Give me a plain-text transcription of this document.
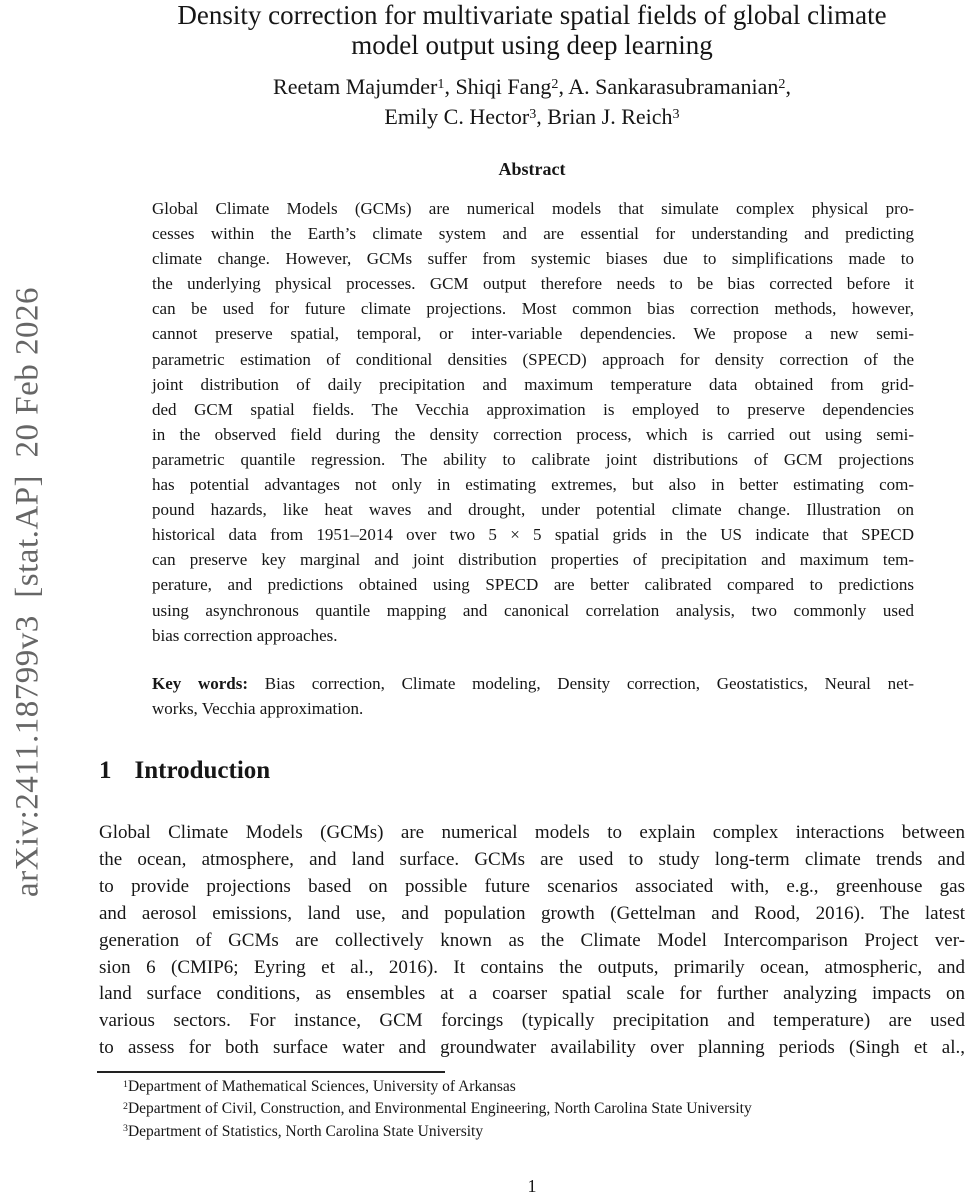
arXiv:2411.18799v3  [stat.AP]  20 Feb 2026
Density correction for multivariate spatial fields of global climate
model output using deep learning
Reetam Majumder$^1$, Shiqi Fang$^2$, A. Sankarasubramanian$^2$,
Emily C. Hector$^3$, Brian J. Reich$^3$
Abstract
Global Climate Models (GCMs) are numerical models that simulate complex physical pro-
cesses within the Earth’s climate system and are essential for understanding and predicting
climate change. However, GCMs suffer from systemic biases due to simplifications made to
the underlying physical processes. GCM output therefore needs to be bias corrected before it
can be used for future climate projections. Most common bias correction methods, however,
cannot preserve spatial, temporal, or inter-variable dependencies. We propose a new semi-
parametric estimation of conditional densities (SPECD) approach for density correction of the
joint distribution of daily precipitation and maximum temperature data obtained from grid-
ded GCM spatial fields. The Vecchia approximation is employed to preserve dependencies
in the observed field during the density correction process, which is carried out using semi-
parametric quantile regression. The ability to calibrate joint distributions of GCM projections
has potential advantages not only in estimating extremes, but also in better estimating com-
pound hazards, like heat waves and drought, under potential climate change. Illustration on
historical data from 1951–2014 over two 5 × 5 spatial grids in the US indicate that SPECD
can preserve key marginal and joint distribution properties of precipitation and maximum tem-
perature, and predictions obtained using SPECD are better calibrated compared to predictions
using asynchronous quantile mapping and canonical correlation analysis, two commonly used
bias correction approaches.
Key words: Bias correction, Climate modeling, Density correction, Geostatistics, Neural net-
works, Vecchia approximation.
1 Introduction
Global Climate Models (GCMs) are numerical models to explain complex interactions between
the ocean, atmosphere, and land surface. GCMs are used to study long-term climate trends and
to provide projections based on possible future scenarios associated with, e.g., greenhouse gas
and aerosol emissions, land use, and population growth (Gettelman and Rood, 2016). The latest
generation of GCMs are collectively known as the Climate Model Intercomparison Project ver-
sion 6 (CMIP6; Eyring et al., 2016). It contains the outputs, primarily ocean, atmospheric, and
land surface conditions, as ensembles at a coarser spatial scale for further analyzing impacts on
various sectors. For instance, GCM forcings (typically precipitation and temperature) are used
to assess for both surface water and groundwater availability over planning periods (Singh et al.,
$^1$Department of Mathematical Sciences, University of Arkansas
$^2$Department of Civil, Construction, and Environmental Engineering, North Carolina State University
$^3$Department of Statistics, North Carolina State University
1
